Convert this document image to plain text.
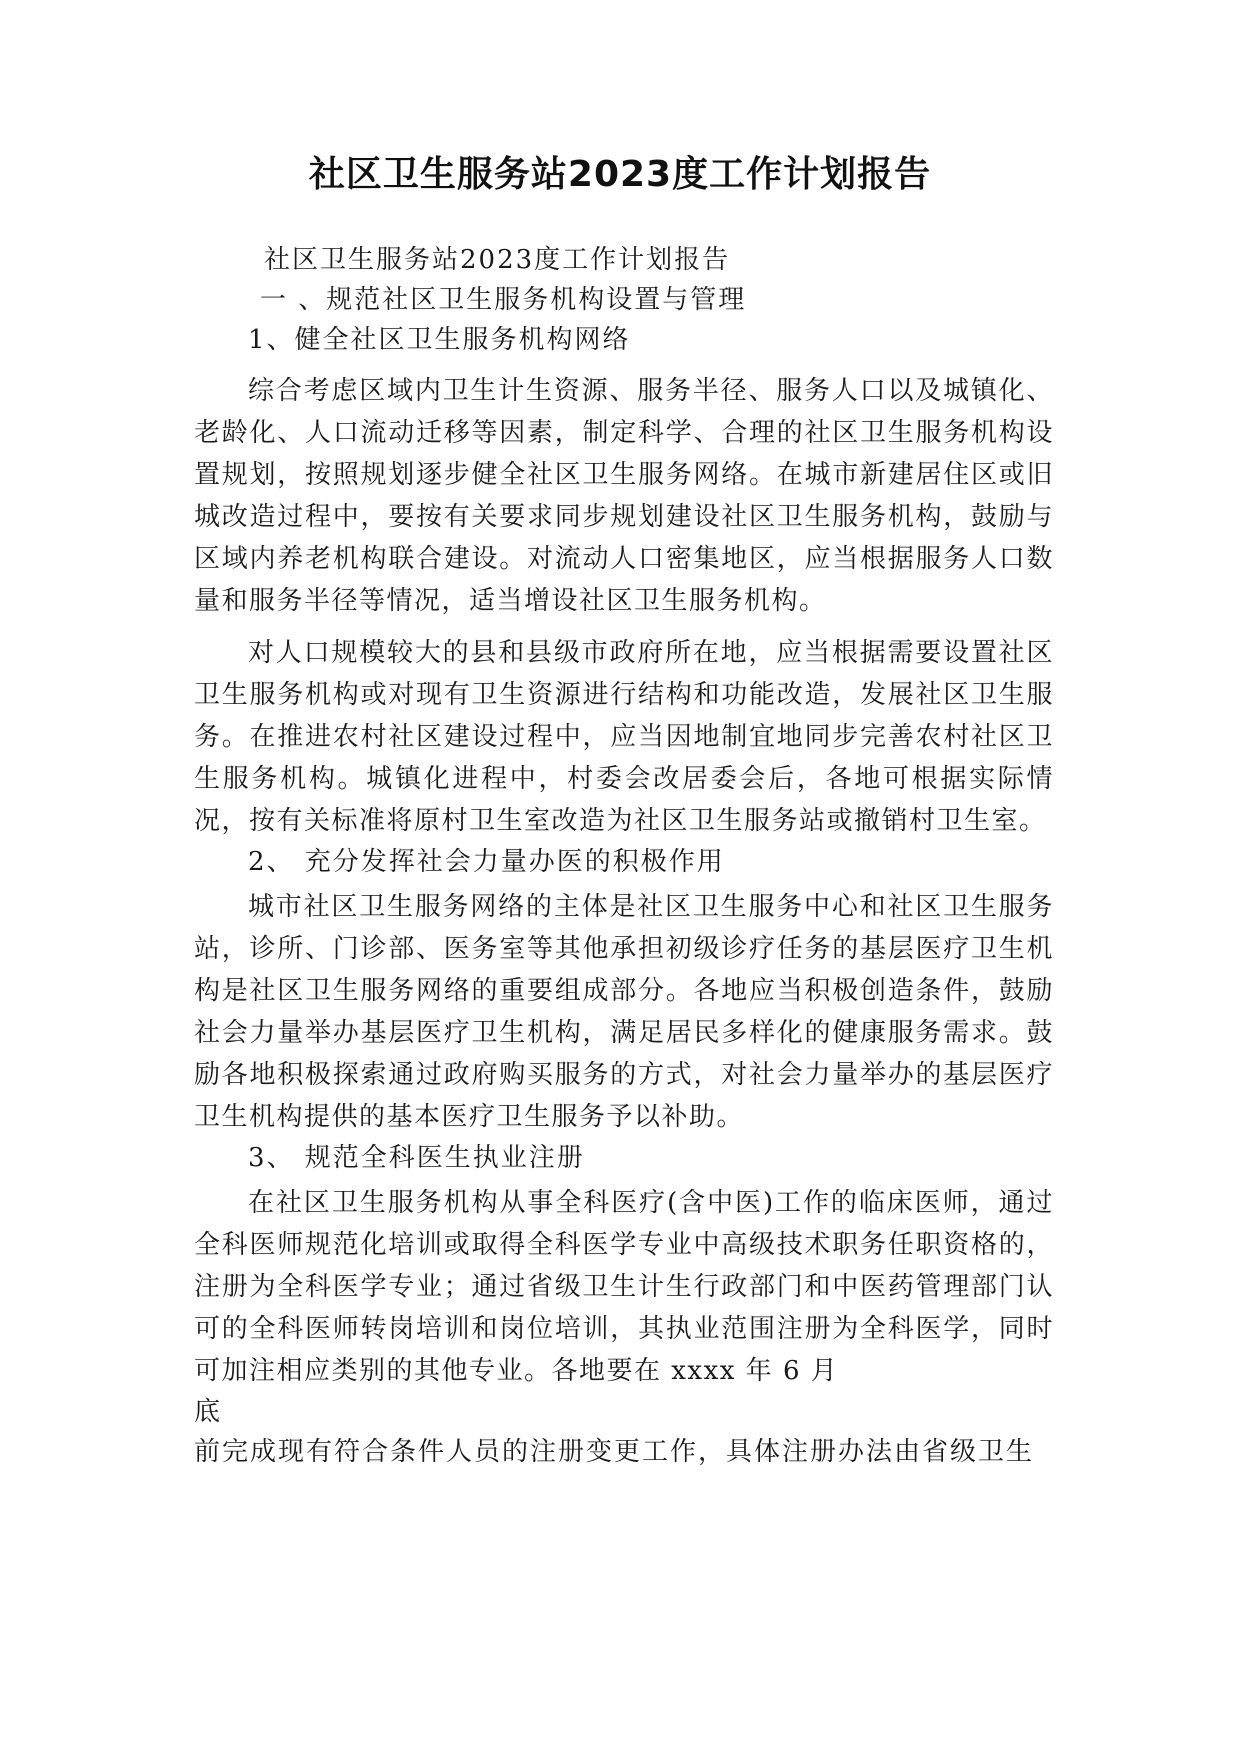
社区卫生服务站2023度工作计划报告
社区卫生服务站2023度工作计划报告
一 、规范社区卫生服务机构设置与管理
1、健全社区卫生服务机构网络

综合考虑区域内卫生计生资源、服务半径、服务人口以及城镇化、老龄化、人口流动迁移等因素，制定科学、合理的社区卫生服务机构设置规划，按照规划逐步健全社区卫生服务网络。在城市新建居住区或旧城改造过程中，要按有关要求同步规划建设社区卫生服务机构，鼓励与区域内养老机构联合建设。对流动人口密集地区，应当根据服务人口数量和服务半径等情况，适当增设社区卫生服务机构。

对人口规模较大的县和县级市政府所在地，应当根据需要设置社区卫生服务机构或对现有卫生资源进行结构和功能改造，发展社区卫生服务。在推进农村社区建设过程中，应当因地制宜地同步完善农村社区卫生服务机构。城镇化进程中，村委会改居委会后，各地可根据实际情况，按有关标准将原村卫生室改造为社区卫生服务站或撤销村卫生室。

2、 充分发挥社会力量办医的积极作用

城市社区卫生服务网络的主体是社区卫生服务中心和社区卫生服务站，诊所、门诊部、医务室等其他承担初级诊疗任务的基层医疗卫生机构是社区卫生服务网络的重要组成部分。各地应当积极创造条件，鼓励社会力量举办基层医疗卫生机构，满足居民多样化的健康服务需求。鼓励各地积极探索通过政府购买服务的方式，对社会力量举办的基层医疗卫生机构提供的基本医疗卫生服务予以补助。

3、 规范全科医生执业注册

在社区卫生服务机构从事全科医疗(含中医)工作的临床医师，通过全科医师规范化培训或取得全科医学专业中高级技术职务任职资格的，注册为全科医学专业；通过省级卫生计生行政部门和中医药管理部门认可的全科医师转岗培训和岗位培训，其执业范围注册为全科医学，同时可加注相应类别的其他专业。各地要在 xxxx 年 6 月

底
前完成现有符合条件人员的注册变更工作，具体注册办法由省级卫生
